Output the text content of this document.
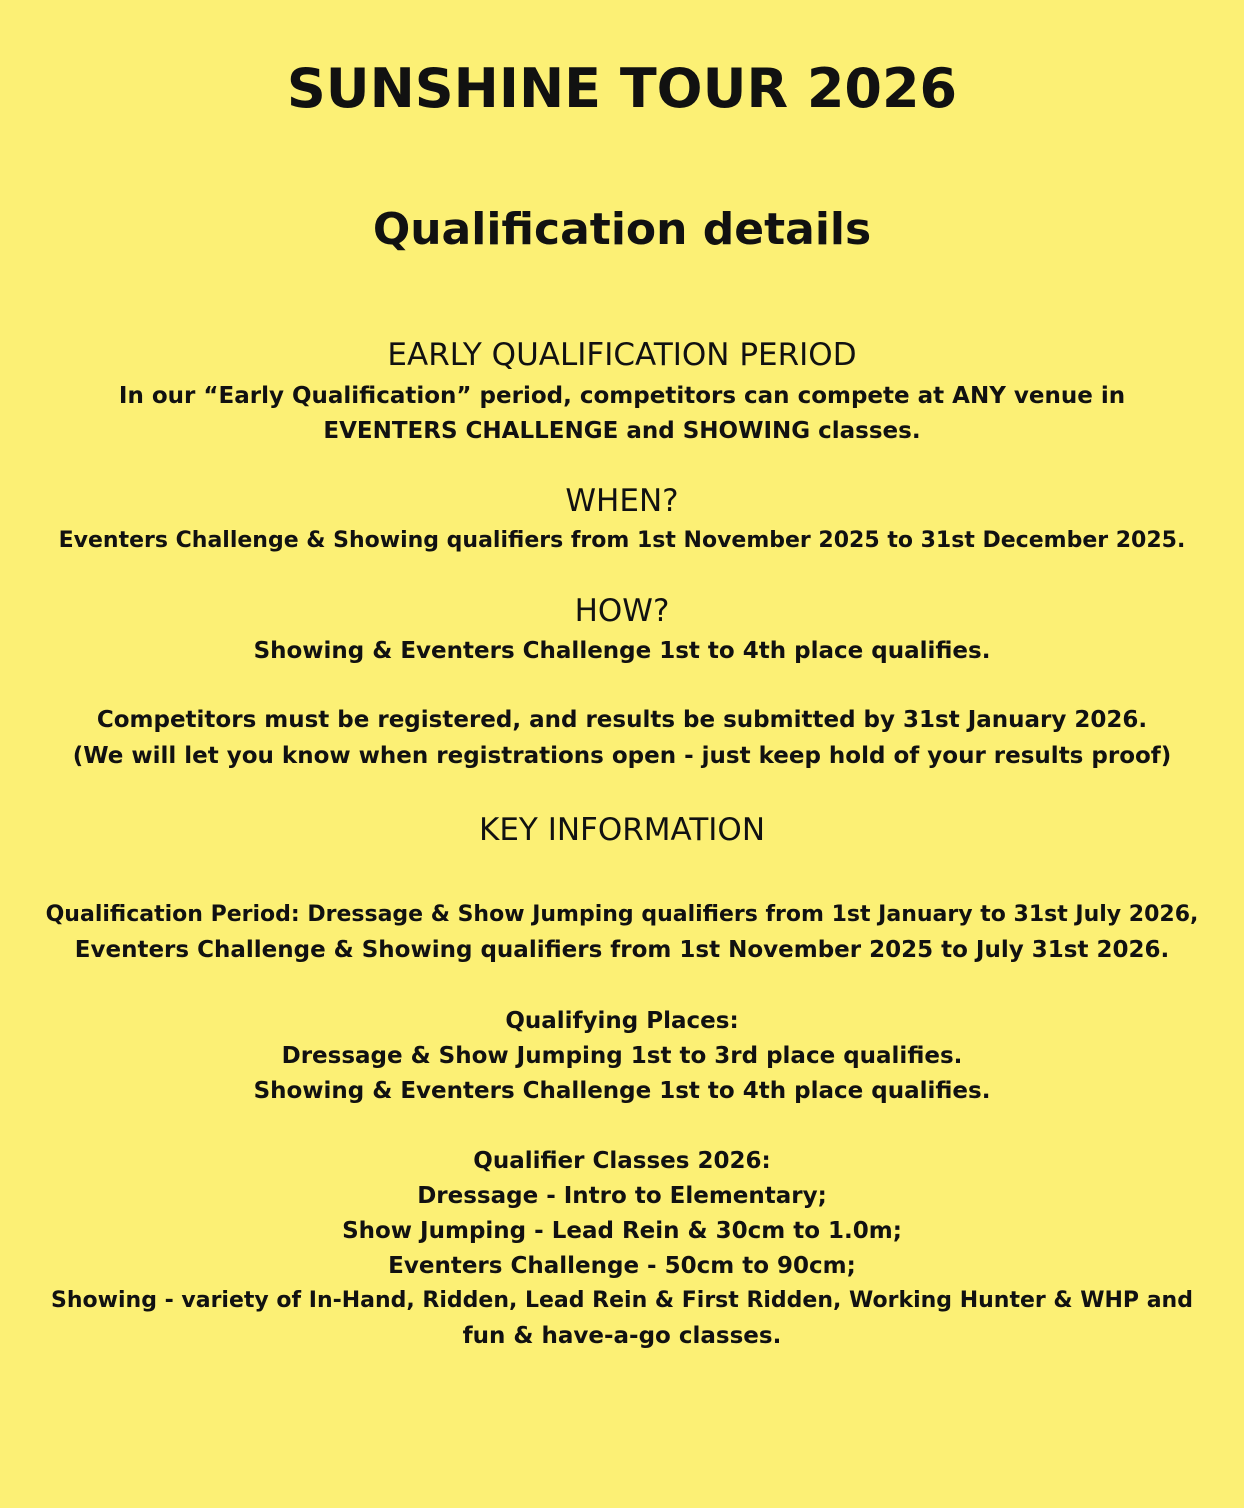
SUNSHINE TOUR 2026
Qualification details
EARLY QUALIFICATION PERIOD
In our “Early Qualification” period, competitors can compete at ANY venue in
EVENTERS CHALLENGE and SHOWING classes.
WHEN?
Eventers Challenge & Showing qualifiers from 1st November 2025 to 31st December 2025.
HOW?
Showing & Eventers Challenge 1st to 4th place qualifies.
Competitors must be registered, and results be submitted by 31st January 2026.
(We will let you know when registrations open - just keep hold of your results proof)
KEY INFORMATION
Qualification Period: Dressage & Show Jumping qualifiers from 1st January to 31st July 2026,
Eventers Challenge & Showing qualifiers from 1st November 2025 to July 31st 2026.
Qualifying Places:
Dressage & Show Jumping 1st to 3rd place qualifies.
Showing & Eventers Challenge 1st to 4th place qualifies.
Qualifier Classes 2026:
Dressage - Intro to Elementary;
Show Jumping - Lead Rein & 30cm to 1.0m;
Eventers Challenge - 50cm to 90cm;
Showing - variety of In-Hand, Ridden, Lead Rein & First Ridden, Working Hunter & WHP and
fun & have-a-go classes.
